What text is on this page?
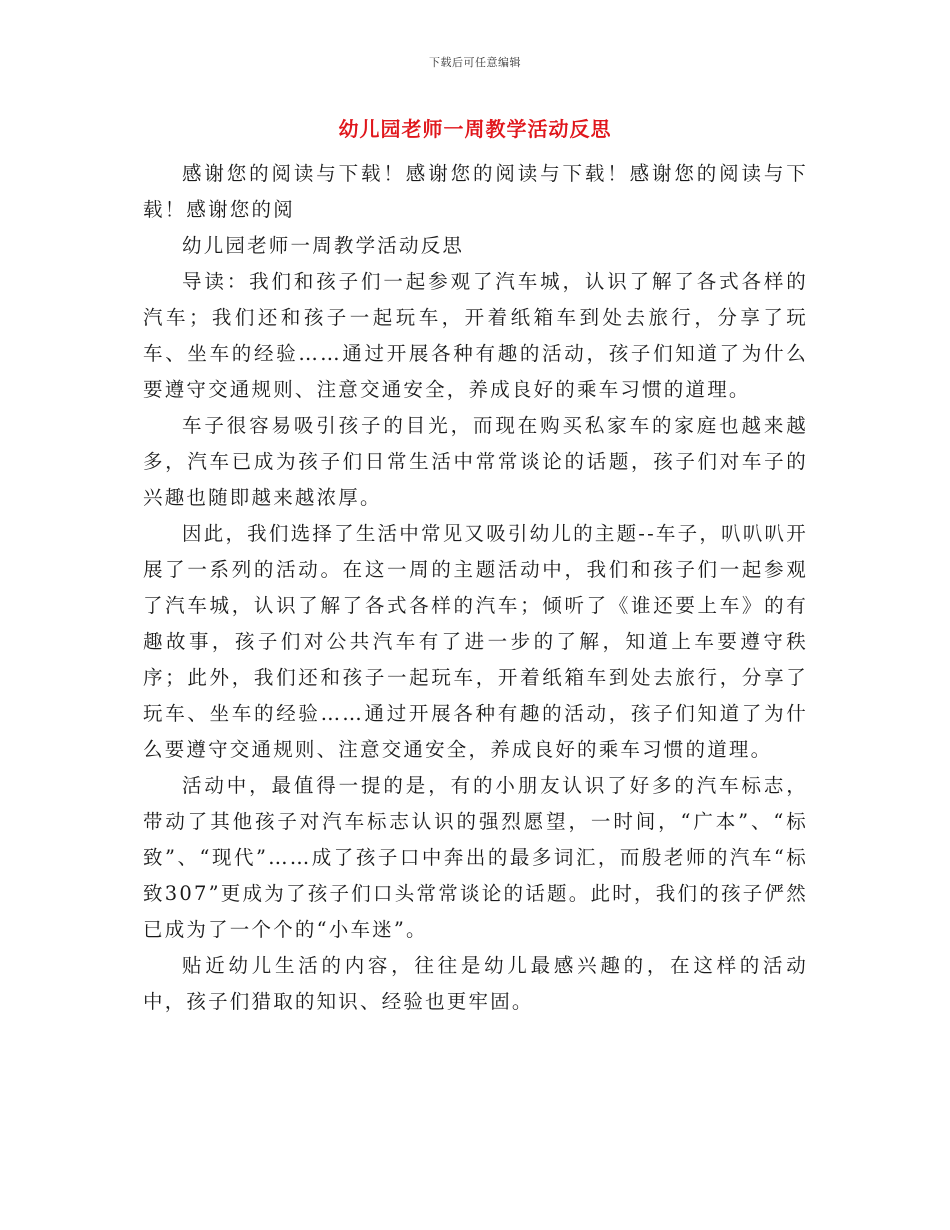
下载后可任意编辑
幼儿园老师一周教学活动反思

感谢您的阅读与下载！感谢您的阅读与下载！感谢您的阅读与下载！感谢您的阅

幼儿园老师一周教学活动反思

导读：我们和孩子们一起参观了汽车城，认识了解了各式各样的汽车；我们还和孩子一起玩车，开着纸箱车到处去旅行，分享了玩车、坐车的经验……通过开展各种有趣的活动，孩子们知道了为什么要遵守交通规则、注意交通安全，养成良好的乘车习惯的道理。

车子很容易吸引孩子的目光，而现在购买私家车的家庭也越来越多，汽车已成为孩子们日常生活中常常谈论的话题，孩子们对车子的兴趣也随即越来越浓厚。

因此，我们选择了生活中常见又吸引幼儿的主题--车子，叭叭叭开展了一系列的活动。在这一周的主题活动中，我们和孩子们一起参观了汽车城，认识了解了各式各样的汽车；倾听了《谁还要上车》的有趣故事，孩子们对公共汽车有了进一步的了解，知道上车要遵守秩序；此外，我们还和孩子一起玩车，开着纸箱车到处去旅行，分享了玩车、坐车的经验……通过开展各种有趣的活动，孩子们知道了为什么要遵守交通规则、注意交通安全，养成良好的乘车习惯的道理。

活动中，最值得一提的是，有的小朋友认识了好多的汽车标志，带动了其他孩子对汽车标志认识的强烈愿望，一时间，“广本”、“标致”、“现代”……成了孩子口中奔出的最多词汇，而殷老师的汽车“标致307”更成为了孩子们口头常常谈论的话题。此时，我们的孩子俨然已成为了一个个的“小车迷”。

贴近幼儿生活的内容，往往是幼儿最感兴趣的，在这样的活动中，孩子们猎取的知识、经验也更牢固。
